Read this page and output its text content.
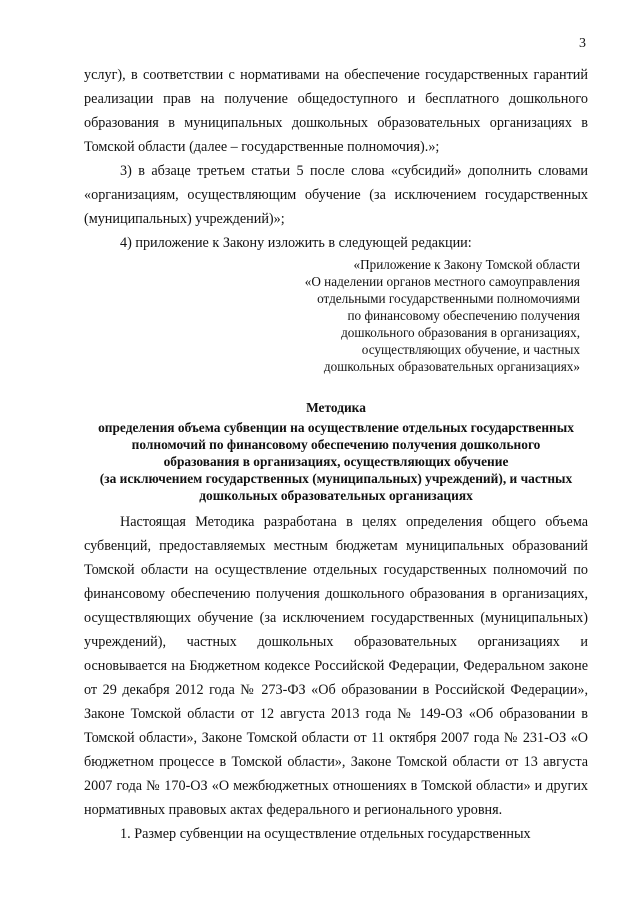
3

услуг), в соответствии с нормативами на обеспечение государственных гарантий реализации прав на получение общедоступного и бесплатного дошкольного образования в муниципальных дошкольных образовательных организациях в Томской области (далее – государственные полномочия).»;

3) в абзаце третьем статьи 5 после слова «субсидий» дополнить словами «организациям, осуществляющим обучение (за исключением государственных (муниципальных) учреждений)»;

4) приложение к Закону изложить в следующей редакции:

«Приложение к Закону Томской области
«О наделении органов местного самоуправления
отдельными государственными полномочиями
по финансовому обеспечению получения
дошкольного образования в организациях,
осуществляющих обучение, и частных
дошкольных образовательных организациях»
Методика
определения объема субвенции на осуществление отдельных государственных
полномочий по финансовому обеспечению получения дошкольного
образования в организациях, осуществляющих обучение
(за исключением государственных (муниципальных) учреждений), и частных
дошкольных образовательных организациях

Настоящая Методика разработана в целях определения общего объема субвенций, предоставляемых местным бюджетам муниципальных образований Томской области на осуществление отдельных государственных полномочий по финансовому обеспечению получения дошкольного образования в организациях, осуществляющих обучение (за исключением государственных (муниципальных) учреждений), частных дошкольных образовательных организациях и основывается на Бюджетном кодексе Российской Федерации, Федеральном законе от 29 декабря 2012 года № 273-ФЗ «Об образовании в Российской Федерации», Законе Томской области от 12 августа 2013 года № 149-ОЗ «Об образовании в Томской области», Законе Томской области от 11 октября 2007 года № 231-ОЗ «О бюджетном процессе в Томской области», Законе Томской области от 13 августа 2007 года № 170-ОЗ «О межбюджетных отношениях в Томской области» и других нормативных правовых актах федерального и регионального уровня.

1. Размер субвенции на осуществление отдельных государственных
